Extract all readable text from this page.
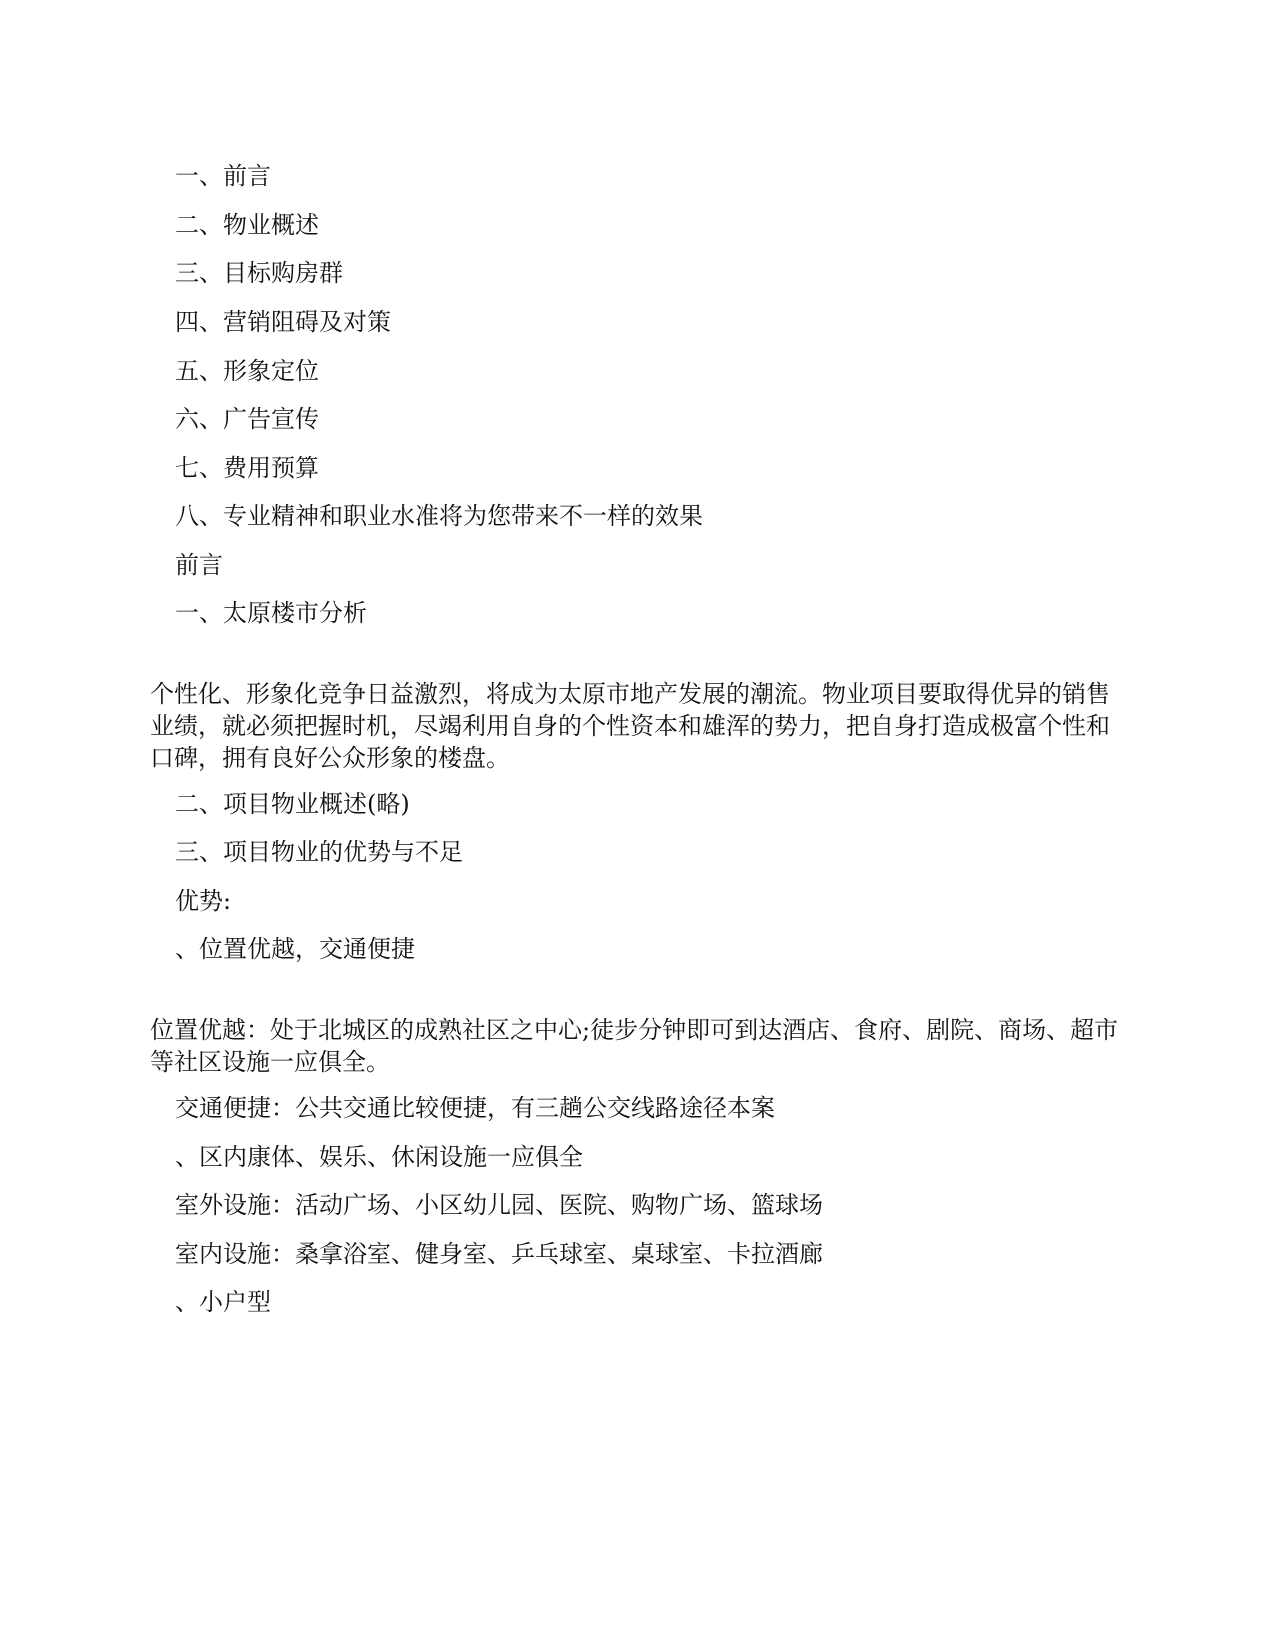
一、前言
二、物业概述
三、目标购房群
四、营销阻碍及对策
五、形象定位
六、广告宣传
七、费用预算
八、专业精神和职业水准将为您带来不一样的效果
前言
一、太原楼市分析
个性化、形象化竞争日益激烈，将成为太原市地产发展的潮流。物业项目要取得优异的销售业绩，就必须把握时机，尽竭利用自身的个性资本和雄浑的势力，把自身打造成极富个性和口碑，拥有良好公众形象的楼盘。
二、项目物业概述(略)
三、项目物业的优势与不足
优势:
、位置优越，交通便捷
位置优越：处于北城区的成熟社区之中心;徒步分钟即可到达酒店、食府、剧院、商场、超市等社区设施一应俱全。
交通便捷：公共交通比较便捷，有三趟公交线路途径本案
、区内康体、娱乐、休闲设施一应俱全
室外设施：活动广场、小区幼儿园、医院、购物广场、篮球场
室内设施：桑拿浴室、健身室、乒乓球室、桌球室、卡拉酒廊
、小户型
